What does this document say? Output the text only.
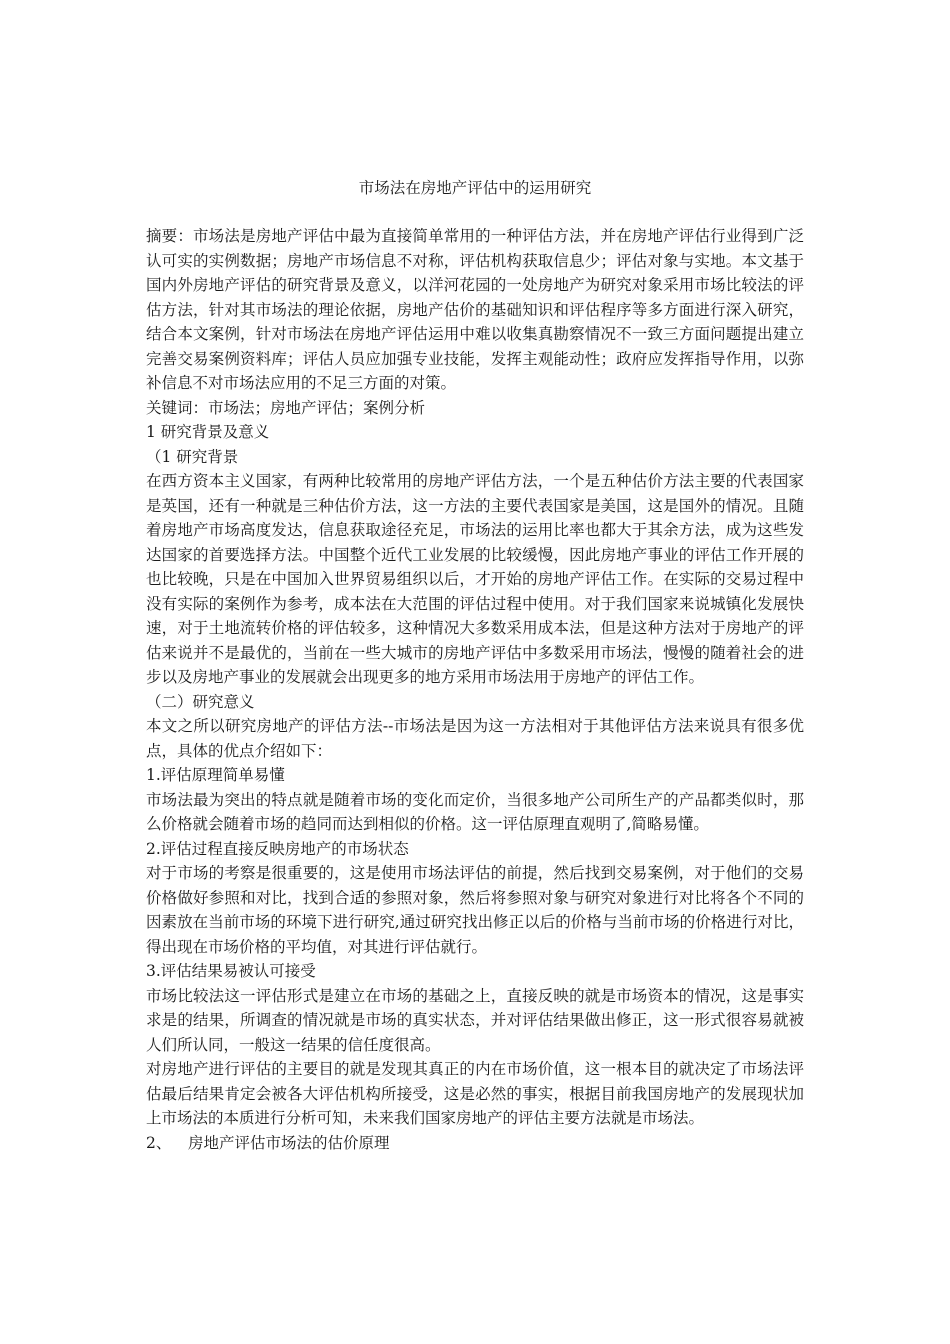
市场法在房地产评估中的运用研究

摘要：市场法是房地产评估中最为直接简单常用的一种评估方法，并在房地产评估行业得到广泛认可实的实例数据；房地产市场信息不对称，评估机构获取信息少；评估对象与实地。本文基于国内外房地产评估的研究背景及意义，以洋河花园的一处房地产为研究对象采用市场比较法的评估方法，针对其市场法的理论依据，房地产估价的基础知识和评估程序等多方面进行深入研究，结合本文案例，针对市场法在房地产评估运用中难以收集真勘察情况不一致三方面问题提出建立完善交易案例资料库；评估人员应加强专业技能，发挥主观能动性；政府应发挥指导作用，以弥补信息不对市场法应用的不足三方面的对策。

关键词：市场法；房地产评估；案例分析

1 研究背景及意义

（1 研究背景

在西方资本主义国家，有两种比较常用的房地产评估方法，一个是五种估价方法主要的代表国家是英国，还有一种就是三种估价方法，这一方法的主要代表国家是美国，这是国外的情况。且随着房地产市场高度发达，信息获取途径充足，市场法的运用比率也都大于其余方法，成为这些发达国家的首要选择方法。中国整个近代工业发展的比较缓慢，因此房地产事业的评估工作开展的也比较晚，只是在中国加入世界贸易组织以后，才开始的房地产评估工作。在实际的交易过程中没有实际的案例作为参考，成本法在大范围的评估过程中使用。对于我们国家来说城镇化发展快速，对于土地流转价格的评估较多，这种情况大多数采用成本法，但是这种方法对于房地产的评估来说并不是最优的，当前在一些大城市的房地产评估中多数采用市场法，慢慢的随着社会的进步以及房地产事业的发展就会出现更多的地方采用市场法用于房地产的评估工作。

（二）研究意义

本文之所以研究房地产的评估方法--市场法是因为这一方法相对于其他评估方法来说具有很多优点，具体的优点介绍如下：

1.评估原理简单易懂

市场法最为突出的特点就是随着市场的变化而定价，当很多地产公司所生产的产品都类似时，那么价格就会随着市场的趋同而达到相似的价格。这一评估原理直观明了,简略易懂。

2.评估过程直接反映房地产的市场状态

对于市场的考察是很重要的，这是使用市场法评估的前提，然后找到交易案例，对于他们的交易价格做好参照和对比，找到合适的参照对象，然后将参照对象与研究对象进行对比将各个不同的因素放在当前市场的环境下进行研究,通过研究找出修正以后的价格与当前市场的价格进行对比，得出现在市场价格的平均值，对其进行评估就行。

3.评估结果易被认可接受

市场比较法这一评估形式是建立在市场的基础之上，直接反映的就是市场资本的情况，这是事实求是的结果，所调查的情况就是市场的真实状态，并对评估结果做出修正，这一形式很容易就被人们所认同，一般这一结果的信任度很高。

对房地产进行评估的主要目的就是发现其真正的内在市场价值，这一根本目的就决定了市场法评估最后结果肯定会被各大评估机构所接受，这是必然的事实，根据目前我国房地产的发展现状加上市场法的本质进行分析可知，未来我们国家房地产的评估主要方法就是市场法。

2、 房地产评估市场法的估价原理
